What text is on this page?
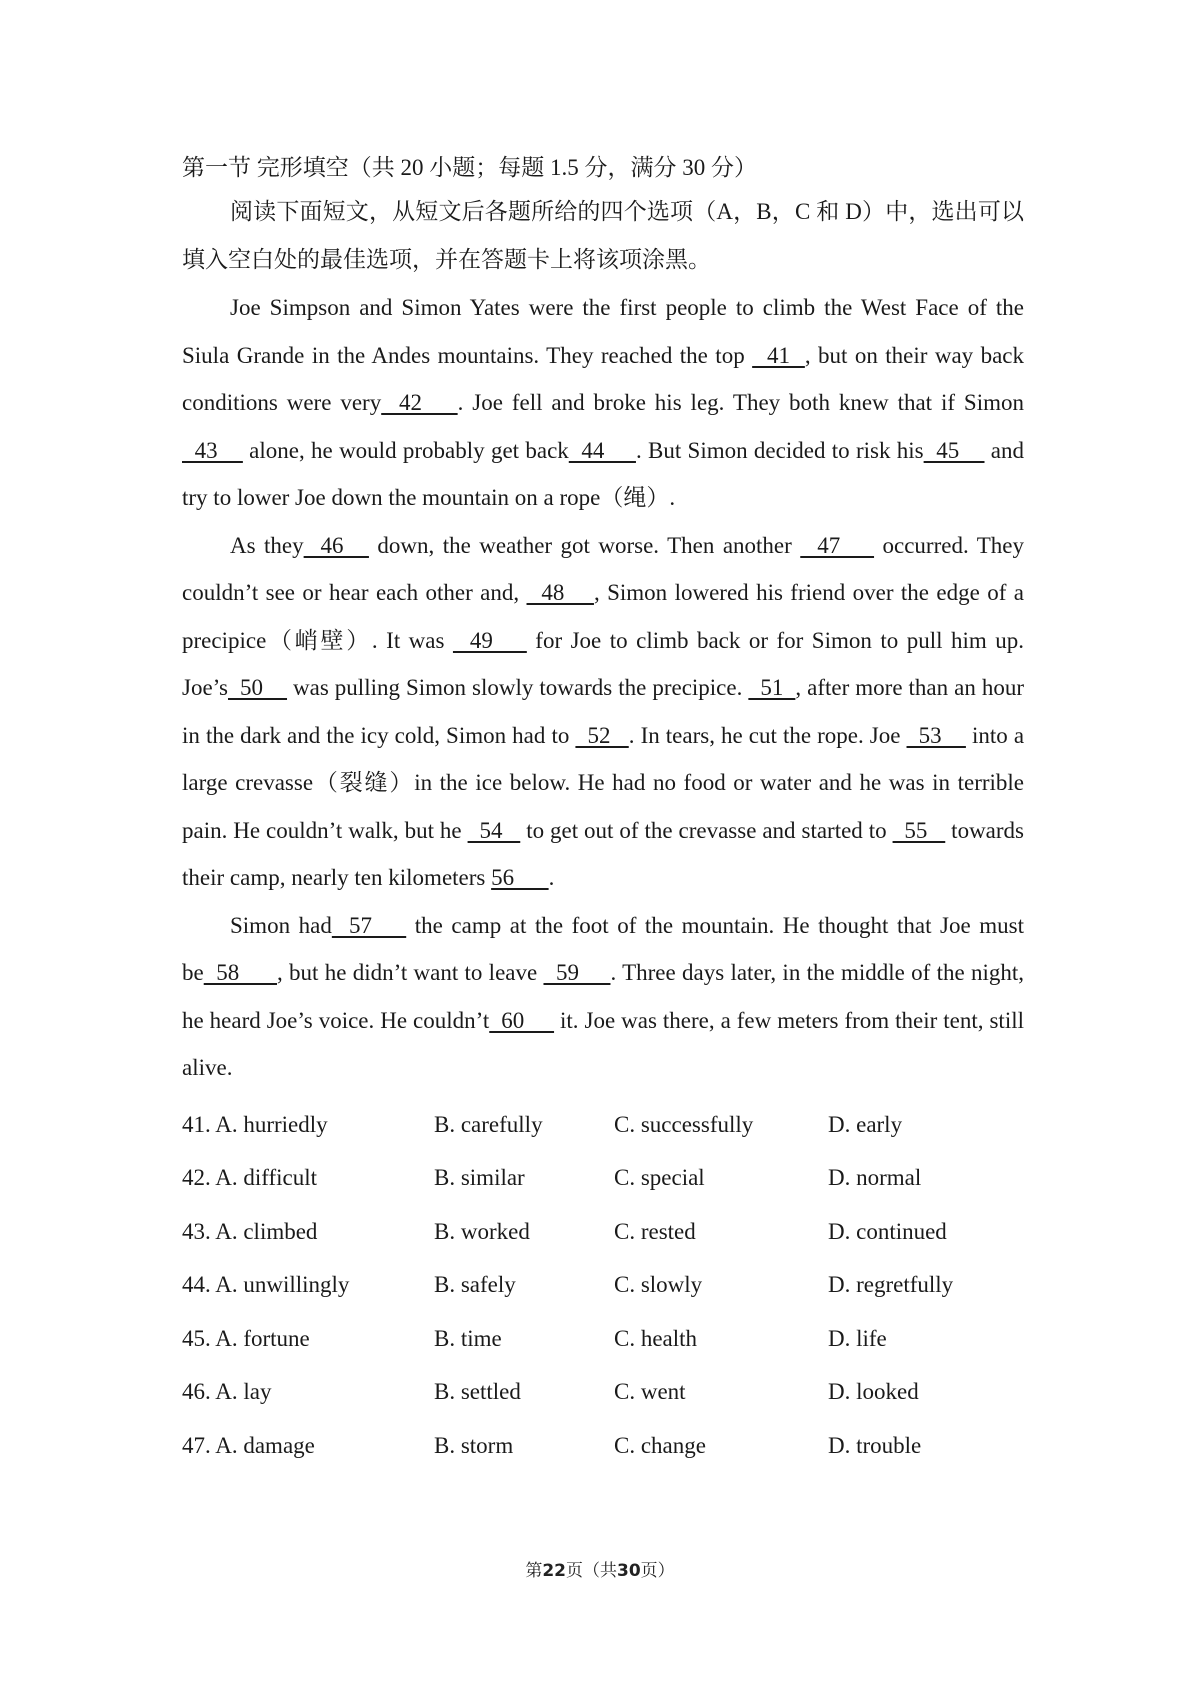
第一节 完形填空（共 20 小题；每题 1.5 分，满分 30 分）

阅读下面短文，从短文后各题所给的四个选项（A，B，C 和 D）中，选出可以填入空白处的最佳选项，并在答题卡上将该项涂黑。

Joe Simpson and Simon Yates were the first people to climb the West Face of the Siula Grande in the Andes mountains. They reached the top   41  , but on their way back conditions were very  42    . Joe fell and broke his leg. They both knew that if Simon   43     alone, he would probably get back  44     . But Simon decided to risk his  45     and try to lower Joe down the mountain on a rope（绳）.

As they  46    down, the weather got worse. Then another   47     occurred. They couldn’t see or hear each other and,   48    , Simon lowered his friend over the edge of a precipice（峭壁）. It was   49     for Joe to climb back or for Simon to pull him up. Joe’s  50     was pulling Simon slowly towards the precipice.   51  , after more than an hour in the dark and the icy cold, Simon had to   52   . In tears, he cut the rope. Joe   53     into a large crevasse（裂缝）in the ice below. He had no food or water and he was in terrible pain. He couldn’t walk, but he   54    to get out of the crevasse and started to   55    towards their camp, nearly ten kilometers 56      .

Simon had  57     the camp at the foot of the mountain. He thought that Joe must be  58      , but he didn’t want to leave   59     . Three days later, in the middle of the night, he heard Joe’s voice. He couldn’t  60      it. Joe was there, a few meters from their tent, still alive.

41. A. hurriedly	B. carefully	C. successfully	D. early
42. A. difficult	B. similar	C. special	D. normal
43. A. climbed	B. worked	C. rested	D. continued
44. A. unwillingly	B. safely	C. slowly	D. regretfully
45. A. fortune	B. time	C. health	D. life
46. A. lay	B. settled	C. went	D. looked
47. A. damage	B. storm	C. change	D. trouble
第22页（共30页）
